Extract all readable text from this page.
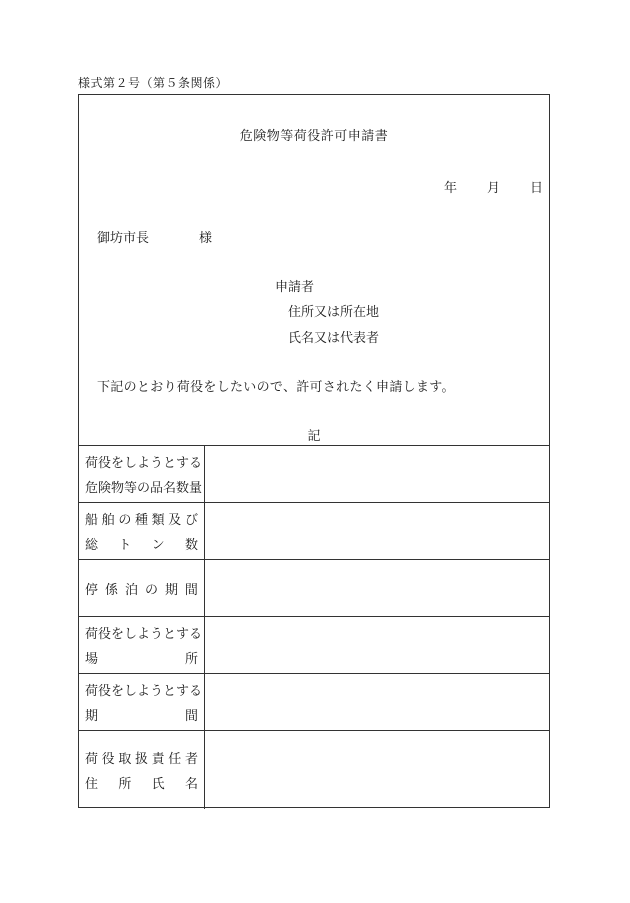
様式第２号（第５条関係）
危険物等荷役許可申請書
年 月 日
御坊市長	様
申請者
住所又は所在地
氏名又は代表者
下記のとおり荷役をしたいので、許可されたく申請します。
記
荷役をしようとする
危険物等の品名数量
船 舶 の 種 類 及 び
総 ト ン 数
停 係 泊 の 期 間
荷役をしようとする
場	所
荷役をしようとする
期	間
荷 役 取 扱 責 任 者
住 所 氏 名
